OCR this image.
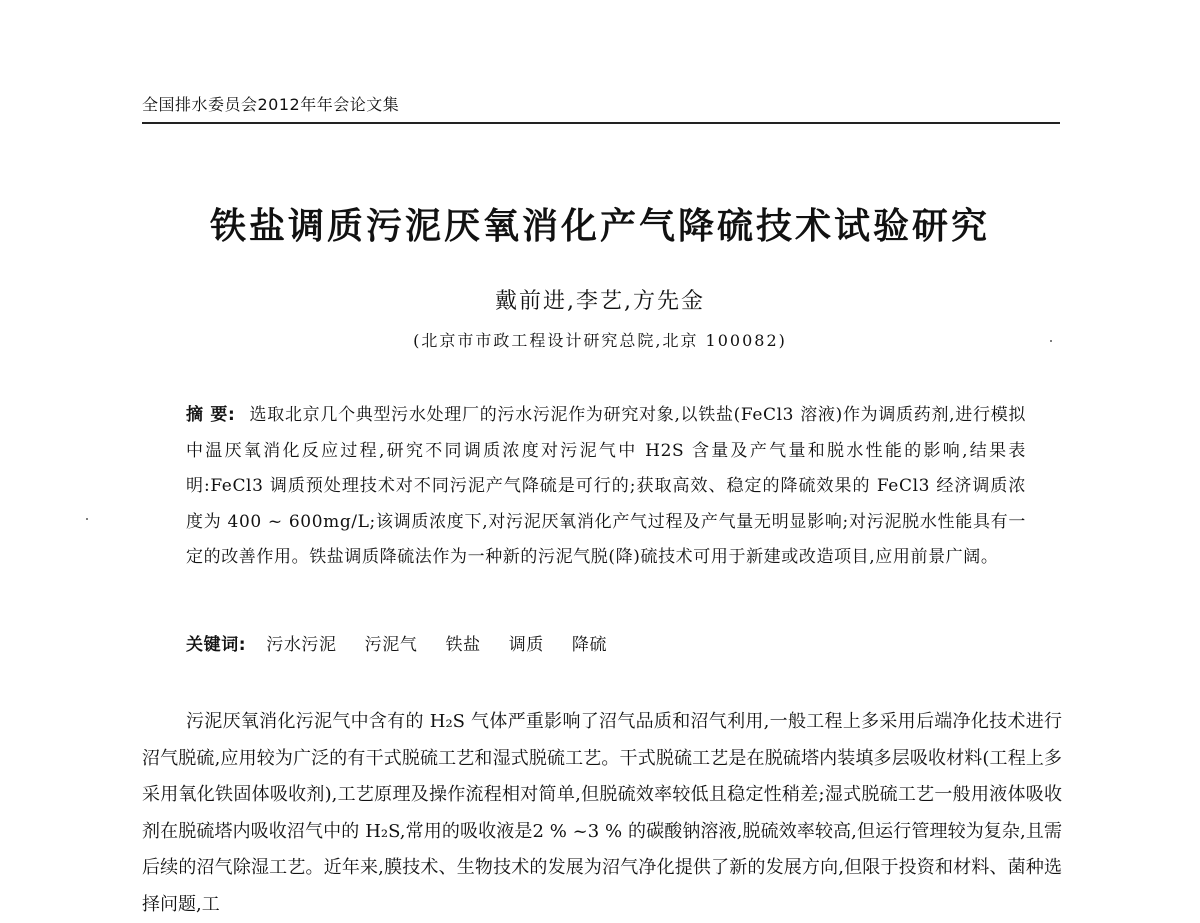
全国排水委员会2012年年会论文集
铁盐调质污泥厌氧消化产气降硫技术试验研究
戴前进,李艺,方先金
(北京市市政工程设计研究总院,北京 100082)
摘 要: 选取北京几个典型污水处理厂的污水污泥作为研究对象,以铁盐(FeCl3 溶液)作为调质药剂,进行模拟中温厌氧消化反应过程,研究不同调质浓度对污泥气中 H2S 含量及产气量和脱水性能的影响,结果表明:FeCl3 调质预处理技术对不同污泥产气降硫是可行的;获取高效、稳定的降硫效果的 FeCl3 经济调质浓度为 400 ~ 600mg/L;该调质浓度下,对污泥厌氧消化产气过程及产气量无明显影响;对污泥脱水性能具有一定的改善作用。铁盐调质降硫法作为一种新的污泥气脱(降)硫技术可用于新建或改造项目,应用前景广阔。
关键词: 污水污泥 污泥气 铁盐 调质 降硫
污泥厌氧消化污泥气中含有的 H₂S 气体严重影响了沼气品质和沼气利用,一般工程上多采用后端净化技术进行沼气脱硫,应用较为广泛的有干式脱硫工艺和湿式脱硫工艺。干式脱硫工艺是在脱硫塔内装填多层吸收材料(工程上多采用氧化铁固体吸收剂),工艺原理及操作流程相对简单,但脱硫效率较低且稳定性稍差;湿式脱硫工艺一般用液体吸收剂在脱硫塔内吸收沼气中的 H₂S,常用的吸收液是2 % ~3 % 的碳酸钠溶液,脱硫效率较高,但运行管理较为复杂,且需后续的沼气除湿工艺。近年来,膜技术、生物技术的发展为沼气净化提供了新的发展方向,但限于投资和材料、菌种选择问题,工
